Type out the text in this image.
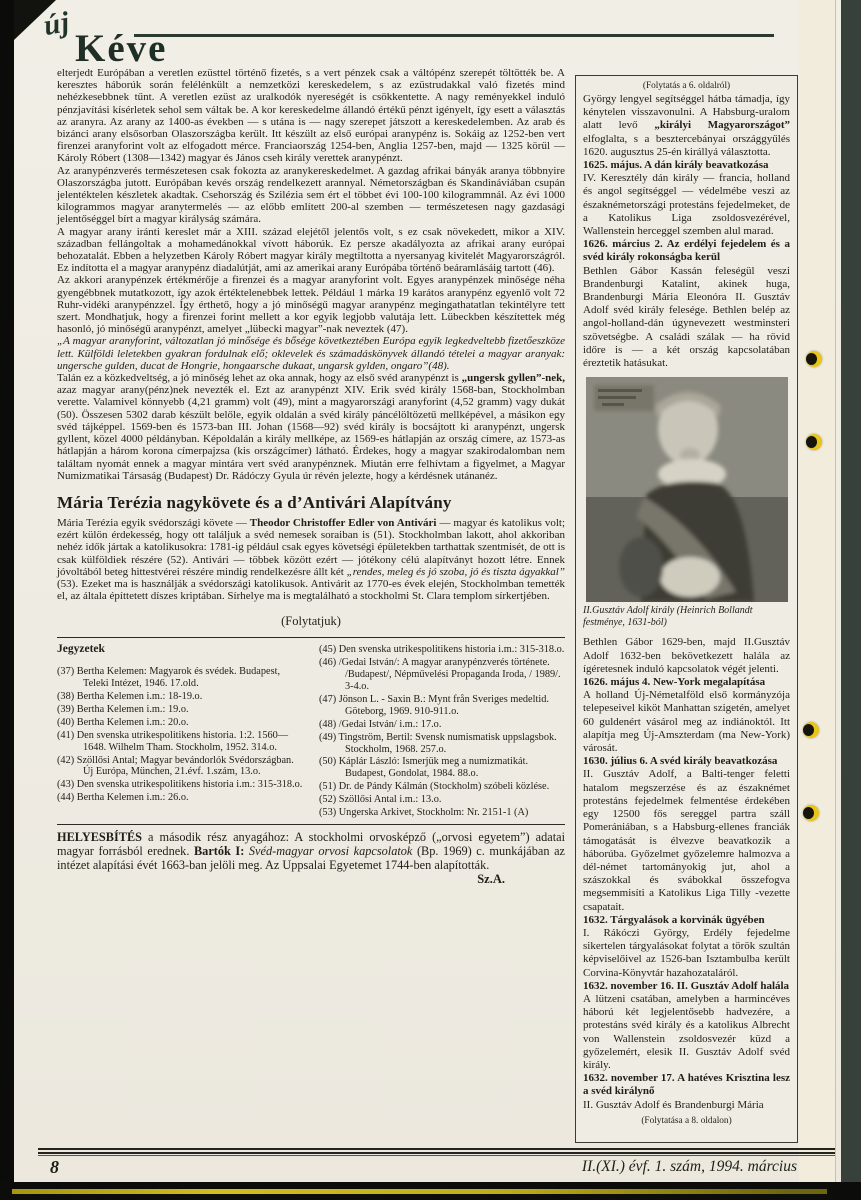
új
Kéve

elterjedt Európában a veretlen ezüsttel történő fizetés, s a vert pénzek csak a váltópénz szerepét töltötték be. A keresztes háborúk során felélénkült a nemzetközi kereskedelem, s az ezüstrudakkal való fizetés mind nehézkesebbnek tűnt. A veretlen ezüst az uralkodók nyereségét is csökkentette. A nagy reményekkel induló pénzjavítási kísérletek sehol sem váltak be. A kor kereskedelme állandó értékű pénzt igényelt, így esett a választás az aranyra. Az arany az 1400-as években — s utána is — nagy szerepet játszott a kereskedelemben. Az arab és bizánci arany elsősorban Olaszországba került. Itt készült az első európai aranypénz is. Sokáig az 1252-ben vert firenzei aranyforint volt az elfogadott mérce. Franciaország 1254-ben, Anglia 1257-ben, majd — 1325 körül — Károly Róbert (1308—1342) magyar és János cseh király verettek aranypénzt.

Az aranypénzverés természetesen csak fokozta az aranykereskedelmet. A gazdag afrikai bányák aranya többnyire Olaszországba jutott. Európában kevés ország rendelkezett arannyal. Németországban és Skandináviában csupán jelentéktelen készletek akadtak. Csehország és Szilézia sem ért el többet évi 100-100 kilogrammnál. Az évi 1000 kilogrammos magyar aranytermelés — az előbb említett 200-al szemben — természetesen nagy gazdasági jelentőséggel bírt a magyar királyság számára.

A magyar arany iránti kereslet már a XIII. század elejétől jelentős volt, s ez csak növekedett, mikor a XIV. században fellángoltak a mohamedánokkal vívott háborúk. Ez persze akadályozta az afrikai arany európai behozatalát. Ebben a helyzetben Károly Róbert magyar király megtiltotta a nyersanyag kivitelét Magyarországról. Ez indította el a magyar aranypénz diadalútját, ami az amerikai arany Európába történő beáramlásáig tartott (46).

Az akkori aranypénzek értékmérője a firenzei és a magyar aranyforint volt. Egyes aranypénzek minősége néha gyengébbnek mutatkozott, így azok értéktelenebbek lettek. Például 1 márka 19 karátos aranypénz egyenlő volt 72 Ruhr-vidéki aranypénzzel. Így érthető, hogy a jó minőségű magyar aranypénz megingathatatlan tekintélyre tett szert. Mondhatjuk, hogy a firenzei forint mellett a kor egyik legjobb valutája lett. Lübeckben készítettek még hasonló, jó minőségű aranypénzt, amelyet „lübecki magyar”-nak neveztek (47).

„A magyar aranyforint, változatlan jó minősége és bősége következtében Európa egyik legkedveltebb fizetőeszköze lett. Külföldi leletekben gyakran fordulnak elő; oklevelek és számadáskönyvek állandó tételei a magyar aranyak: ungersche gulden, ducat de Hongrie, hongaarsche dukaat, ungarsk gylden, ongaro”(48).

Talán ez a közkedveltség, a jó minőség lehet az oka annak, hogy az első svéd aranypénzt is „ungersk gyllen”-nek, azaz magyar arany(pénz)nek nevezték el. Ezt az aranypénzt XIV. Erik svéd király 1568-ban, Stockholmban verette. Valamivel könnyebb (4,21 gramm) volt (49), mint a magyarországi aranyforint (4,52 gramm) vagy dukát (50). Összesen 5302 darab készült belőle, egyik oldalán a svéd király páncélöltözetű mellképével, a másikon egy svéd tájképpel. 1569-ben és 1573-ban III. Johan (1568—92) svéd király is bocsájtott ki aranypénzt, ungersk gyllent, közel 4000 példányban. Képoldalán a király mellképe, az 1569-es hátlapján az ország címere, az 1573-as hátlapján a három korona címerpajzsa (kis országcímer) látható. Érdekes, hogy a magyar szakirodalomban nem találtam nyomát ennek a magyar mintára vert svéd aranypénznek. Miután erre felhívtam a figyelmet, a Magyar Numizmatikai Társaság (Budapest) Dr. Rádóczy Gyula úr révén jelezte, hogy a kérdésnek utánanéz.

Mária Terézia nagykövete és a d’Antivári Alapítvány

Mária Terézia egyik svédországi követe — Theodor Christoffer Edler von Antivári — magyar és katolikus volt; ezért külön érdekesség, hogy ott találjuk a svéd nemesek soraiban is (51). Stockholmban lakott, ahol akkoriban nehéz idők jártak a katolikusokra: 1781-ig például csak egyes követségi épületekben tarthattak szentmisét, de ott is csak külföldiek részére (52). Antivári — többek között ezért — jótékony célú alapítványt hozott létre. Ennek jóvoltából beteg hittestvérei részére mindig rendelkezésre állt két „rendes, meleg és jó szoba, jó és tiszta ágyakkal” (53). Ezeket ma is használják a svédországi katolikusok. Antivárit az 1770-es évek elején, Stockholmban temették el, az általa építtetett díszes kriptában. Sírhelye ma is megtalálható a stockholmi St. Clara templom sírkertjében.

(Folytatjuk)
Jegyzetek
(37) Bertha Kelemen: Magyarok és svédek. Budapest, Teleki Intézet, 1946. 17.old.
(38) Bertha Kelemen i.m.: 18-19.o.
(39) Bertha Kelemen i.m.: 19.o.
(40) Bertha Kelemen i.m.: 20.o.
(41) Den svenska utrikespolitikens historia. 1:2. 1560—1648. Wilhelm Tham. Stockholm, 1952. 314.o.
(42) Szöllősi Antal; Magyar bevándorlók Svédországban. Új Európa, München, 21.évf. 1.szám, 13.o.
(43) Den svenska utrikespolitikens historia i.m.: 315-318.o.
(44) Bertha Kelemen i.m.: 26.o.
(45) Den svenska utrikespolitikens historia i.m.: 315-318.o.
(46) /Gedai István/: A magyar aranypénzverés története. /Budapest/, Népművelési Propaganda Iroda, / 1989/. 3-4.o.
(47) Jönson L. - Saxin B.: Mynt från Sveriges medeltid. Göteborg, 1969. 910-911.o.
(48) /Gedai István/ i.m.: 17.o.
(49) Tingström, Bertil: Svensk numismatisk uppslagsbok. Stockholm, 1968. 257.o.
(50) Káplár László: Ismerjük meg a numizmatikát. Budapest, Gondolat, 1984. 88.o.
(51) Dr. de Pándy Kálmán (Stockholm) szóbeli közlése.
(52) Szöllősi Antal i.m.: 13.o.
(53) Ungerska Arkivet, Stockholm: Nr. 2151-1 (A)

HELYESBÍTÉS a második rész anyagához: A stockholmi orvosképző („orvosi egyetem”) adatai magyar forrásból erednek. Bartók I: Svéd-magyar orvosi kapcsolatok (Bp. 1969) c. munkájában az intézet alapítási évét 1663-ban jelöli meg. Az Uppsalai Egyetemet 1744-ben alapították.

Sz.A.
(Folytatás a 6. oldalról)

György lengyel segítséggel hátba támadja, így kénytelen visszavonulni. A Habsburg-uralom alatt levő „királyi Magyarországot” elfoglalta, s a besztercebányai országgyűlés 1620. augusztus 25-én királlyá választotta.

1625. május. A dán király beavatkozása

IV. Keresztély dán király — francia, holland és angol segítséggel — védelmébe veszi az északnémetországi protestáns fejedelmeket, de a Katolikus Liga zsoldosvezérével, Wallenstein herceggel szemben alul marad.

1626. március 2. Az erdélyi fejedelem és a svéd király rokonságba kerül

Bethlen Gábor Kassán feleségül veszi Brandenburgi Katalint, akinek huga, Brandenburgi Mária Eleonóra II. Gusztáv Adolf svéd király felesége. Bethlen belép az angol-holland-dán úgynevezett westminsteri szövetségbe. A családi szálak — ha rövid időre is — a két ország kapcsolatában éreztetik hatásukat.

II.Gusztáv Adolf király (Heinrich Bollandt festménye, 1631-ból)

Bethlen Gábor 1629-ben, majd II.Gusztáv Adolf 1632-ben bekövetkezett halála az ígéretesnek induló kapcsolatok végét jelenti.

1626. május 4. New-York megalapítása

A holland Új-Németalföld első kormányzója telepeseivel kiköt Manhattan szigetén, amelyet 60 guldenért vásárol meg az indiánoktól. Itt alapítja meg Új-Amszterdam (ma New-York) városát.

1630. július 6. A svéd király beavatkozása

II. Gusztáv Adolf, a Balti-tenger feletti hatalom megszerzése és az északnémet protestáns fejedelmek felmentése érdekében egy 12500 fős sereggel partra száll Pomerániában, s a Habsburg-ellenes franciák támogatását is élvezve beavatkozik a háborúba. Győzelmet győzelemre halmozva a dél-német tartományokig jut, ahol a szászokkal és svábokkal összefogva megsemmisíti a Katolikus Liga Tilly -vezette csapatait.

1632. Tárgyalások a korvinák ügyében

I. Rákóczi György, Erdély fejedelme sikertelen tárgyalásokat folytat a török szultán képviselőivel az 1526-ban Isztambulba került Corvina-Könyvtár hazahozataláról.

1632. november 16. II. Gusztáv Adolf halála

A lützeni csatában, amelyben a harmincéves háború két legjelentősebb hadvezére, a protestáns svéd király és a katolikus Albrecht von Wallenstein zsoldosvezér küzd a győzelemért, elesik II. Gusztáv Adolf svéd király.

1632. november 17. A hatéves Krisztina lesz a svéd királynő

II. Gusztáv Adolf és Brandenburgi Mária

(Folytatása a 8. oldalon)
8	II.(XI.) évf. 1. szám, 1994. március
